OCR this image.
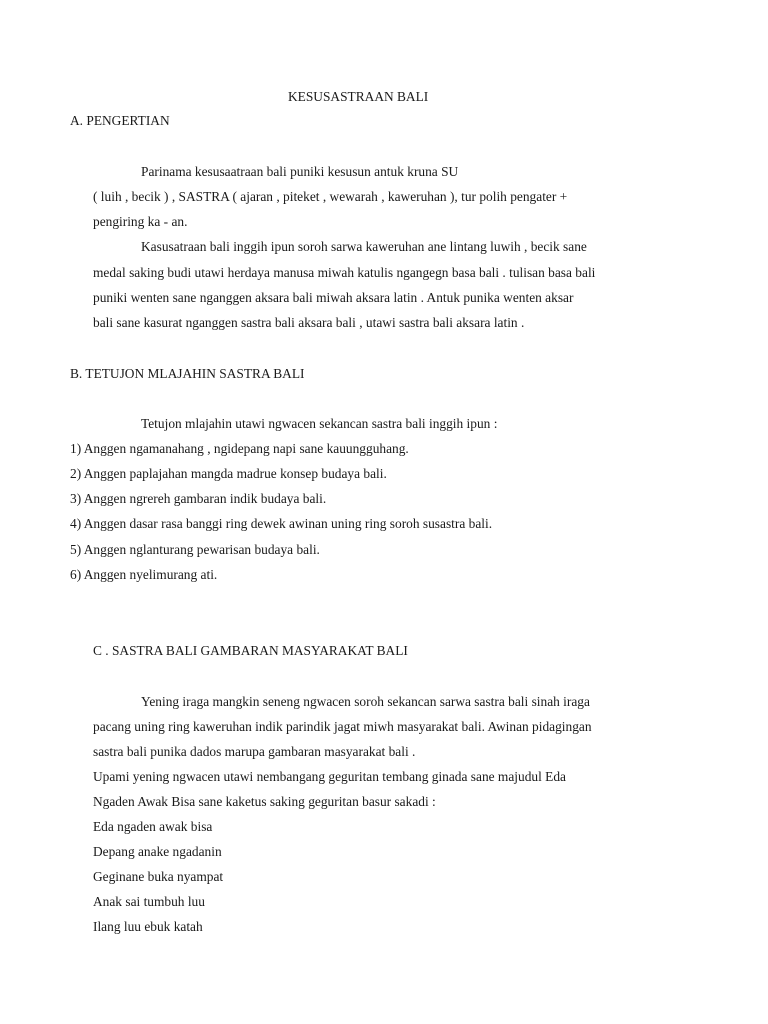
KESUSASTRAAN BALI
A. PENGERTIAN
Parinama kesusaatraan bali puniki kesusun antuk kruna SU
( luih , becik ) , SASTRA ( ajaran , piteket , wewarah , kaweruhan ), tur polih pengater +
pengiring ka - an.
Kasusatraan bali inggih ipun soroh sarwa kaweruhan ane lintang luwih , becik sane
medal saking budi utawi herdaya manusa miwah katulis ngangegn basa bali . tulisan basa bali
puniki wenten sane nganggen aksara bali miwah aksara latin . Antuk punika wenten aksar
bali sane kasurat nganggen sastra bali aksara bali , utawi sastra bali aksara latin .
B. TETUJON MLAJAHIN SASTRA BALI
Tetujon mlajahin utawi ngwacen sekancan sastra bali inggih ipun :
1) Anggen ngamanahang , ngidepang napi sane kauungguhang.
2) Anggen paplajahan mangda madrue konsep budaya bali.
3) Anggen ngrereh gambaran indik budaya bali.
4) Anggen dasar rasa banggi ring dewek awinan uning ring soroh susastra bali.
5) Anggen nglanturang pewarisan budaya bali.
6) Anggen nyelimurang ati.
C . SASTRA BALI GAMBARAN MASYARAKAT BALI
Yening iraga mangkin seneng ngwacen soroh sekancan sarwa sastra bali sinah iraga
pacang uning ring kaweruhan indik parindik jagat miwh masyarakat bali. Awinan pidagingan
sastra bali punika dados marupa gambaran masyarakat bali .
Upami yening ngwacen utawi nembangang geguritan tembang ginada sane majudul Eda
Ngaden Awak Bisa sane kaketus saking geguritan basur sakadi :
Eda ngaden awak bisa
Depang anake ngadanin
Geginane buka nyampat
Anak sai tumbuh luu
Ilang luu ebuk katah
